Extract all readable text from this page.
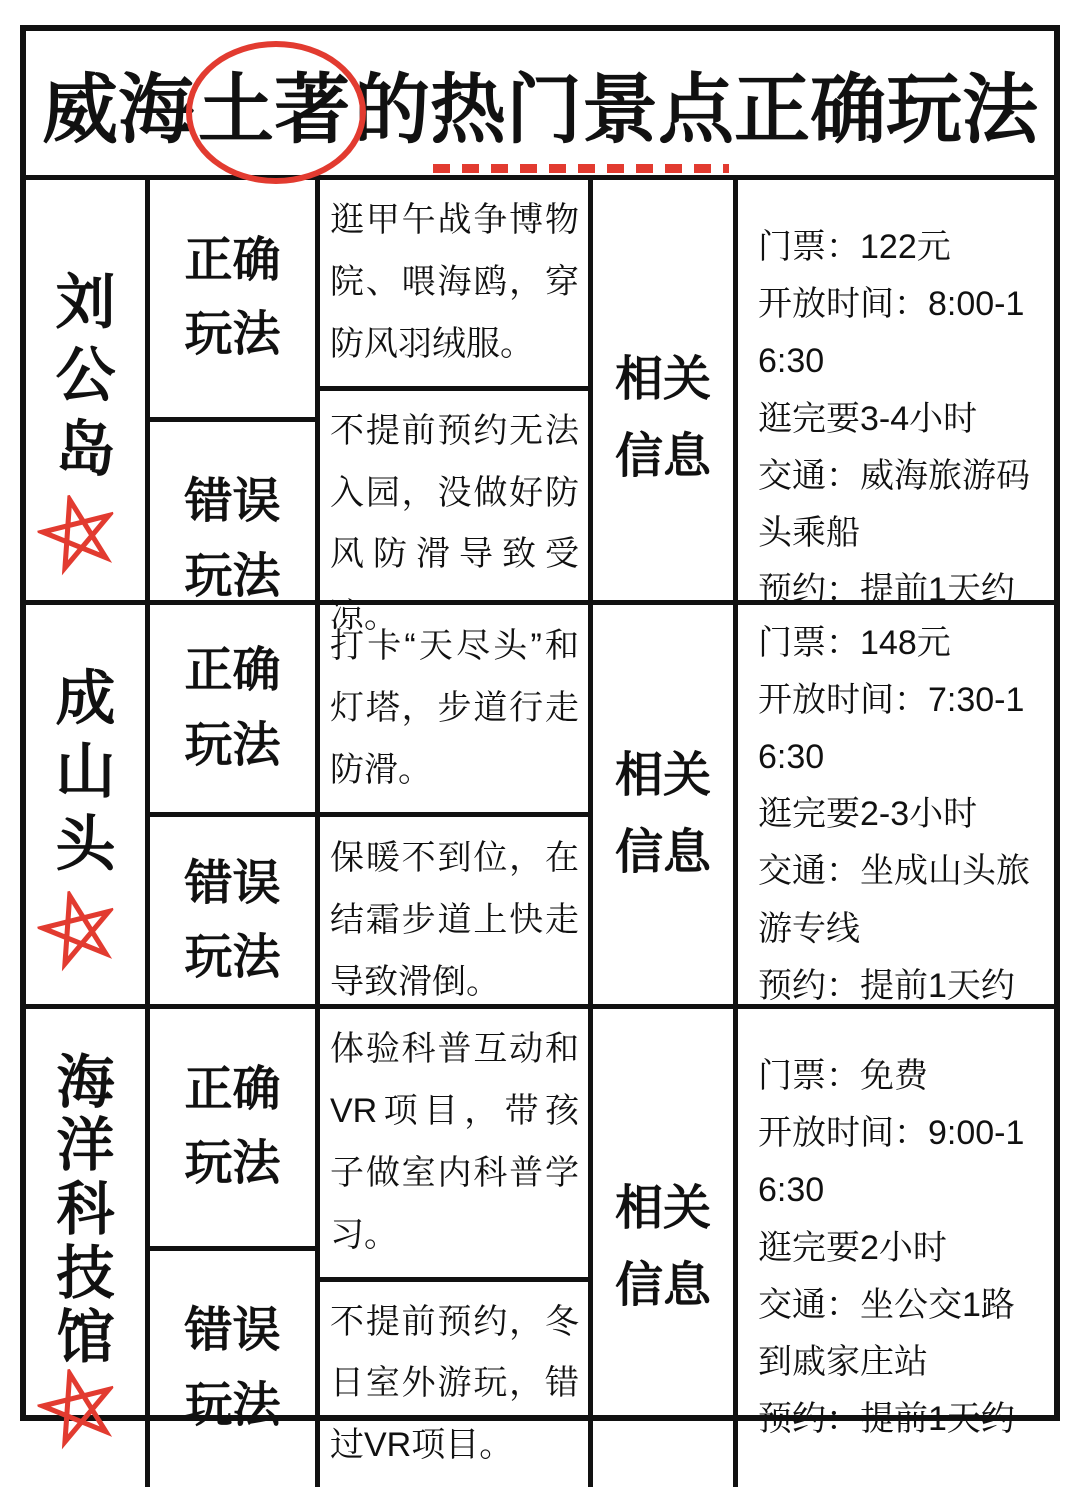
威海 土著 的 热门景点 正确玩法
刘公岛
正确玩法
错误玩法
逛甲午战争博物院、喂海鸥，穿防风羽绒服。
不提前预约无法入园，没做好防风防滑导致受凉。
相关信息
门票：122元
开放时间：8:00-16:30
逛完要3-4小时
交通：威海旅游码头乘船
预约：提前1天约
成山头
正确玩法
错误玩法
打卡“天尽头”和灯塔，步道行走防滑。
保暖不到位，在结霜步道上快走导致滑倒。
相关信息
门票：148元
开放时间：7:30-16:30
逛完要2-3小时
交通：坐成山头旅游专线
预约：提前1天约
海洋科技馆
正确玩法
错误玩法
体验科普互动和VR项目，带孩子做室内科普学习。
不提前预约，冬日室外游玩，错过VR项目。
相关信息
门票：免费
开放时间：9:00-16:30
逛完要2小时
交通：坐公交1路到戚家庄站
预约：提前1天约
